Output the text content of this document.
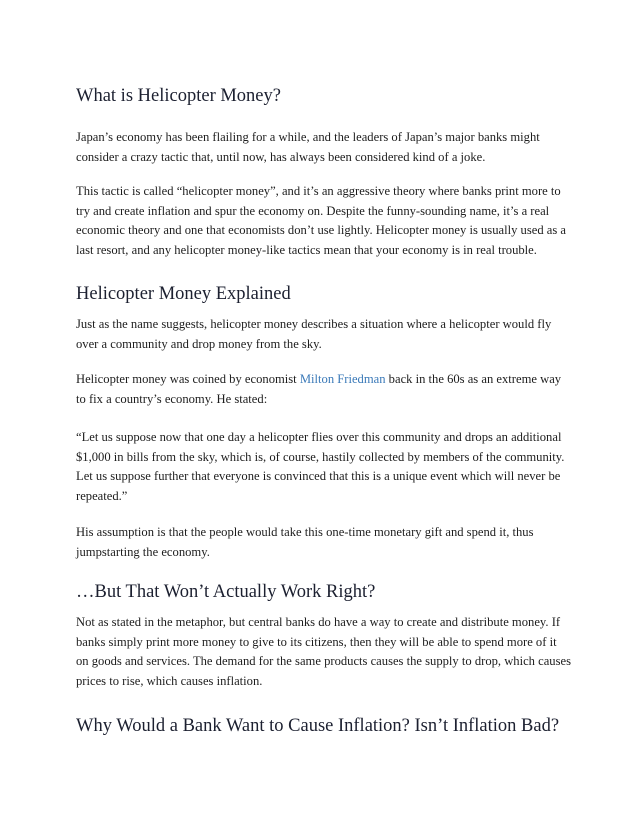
What is Helicopter Money?

Japan’s economy has been flailing for a while, and the leaders of Japan’s major banks might consider a crazy tactic that, until now, has always been considered kind of a joke.

This tactic is called “helicopter money”, and it’s an aggressive theory where banks print more to try and create inflation and spur the economy on. Despite the funny-sounding name, it’s a real economic theory and one that economists don’t use lightly. Helicopter money is usually used as a last resort, and any helicopter money-like tactics mean that your economy is in real trouble.

Helicopter Money Explained

Just as the name suggests, helicopter money describes a situation where a helicopter would fly over a community and drop money from the sky.

Helicopter money was coined by economist Milton Friedman back in the 60s as an extreme way to fix a country’s economy. He stated:

“Let us suppose now that one day a helicopter flies over this community and drops an additional $1,000 in bills from the sky, which is, of course, hastily collected by members of the community. Let us suppose further that everyone is convinced that this is a unique event which will never be repeated.”

His assumption is that the people would take this one-time monetary gift and spend it, thus jumpstarting the economy.

…But That Won’t Actually Work Right?

Not as stated in the metaphor, but central banks do have a way to create and distribute money. If banks simply print more money to give to its citizens, then they will be able to spend more of it on goods and services. The demand for the same products causes the supply to drop, which causes prices to rise, which causes inflation.

Why Would a Bank Want to Cause Inflation? Isn’t Inflation Bad?
